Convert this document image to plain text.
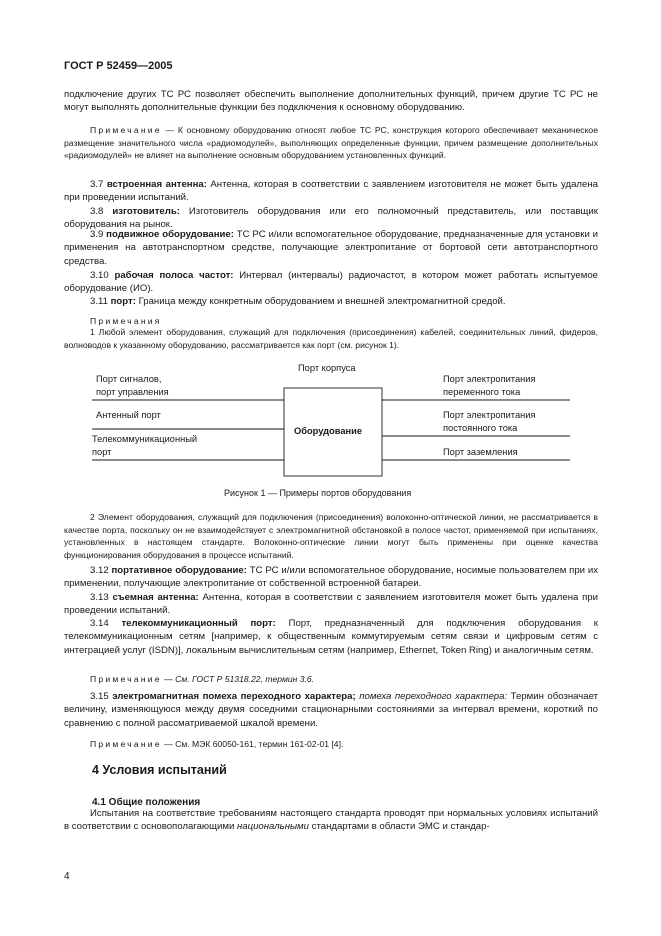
ГОСТ Р 52459—2005
подключение других ТС РС позволяет обеспечить выполнение дополнительных функций, причем другие ТС РС не могут выполнять дополнительные функции без подключения к основному оборудованию.
Примечание — К основному оборудованию относят любое ТС РС, конструкция которого обеспечивает механическое размещение значительного числа «радиомодулей», выполняющих определенные функции, причем размещение дополнительных «радиомодулей» не влияет на выполнение основным оборудованием установленных функций.
3.7 встроенная антенна: Антенна, которая в соответствии с заявлением изготовителя не может быть удалена при проведении испытаний.
3.8 изготовитель: Изготовитель оборудования или его полномочный представитель, или поставщик оборудования на рынок.
3.9 подвижное оборудование: ТС РС и/или вспомогательное оборудование, предназначенные для установки и применения на автотранспортном средстве, получающие электропитание от бортовой сети автотранспортного средства.
3.10 рабочая полоса частот: Интервал (интервалы) радиочастот, в котором может работать испытуемое оборудование (ИО).
3.11 порт: Граница между конкретным оборудованием и внешней электромагнитной средой.
Примечания
1 Любой элемент оборудования, служащий для подключения (присоединения) кабелей, соединительных линий, фидеров, волноводов к указанному оборудованию, рассматривается как порт (см. рисунок 1).
Порт корпуса
Оборудование
Порт сигналов,
порт управления
Антенный порт
Телекоммуникационный
порт
Порт электропитания
переменного тока
Порт электропитания
постоянного тока
Порт заземления
Рисунок 1 — Примеры портов оборудования
2 Элемент оборудования, служащий для подключения (присоединения) волоконно-оптической линии, не рассматривается в качестве порта, поскольку он не взаимодействует с электромагнитной обстановкой в полосе частот, применяемой при испытаниях, установленных в настоящем стандарте. Волоконно-оптические линии могут быть применены при оценке качества функционирования оборудования в процессе испытаний.
3.12 портативное оборудование: ТС РС и/или вспомогательное оборудование, носимые пользователем при их применении, получающие электропитание от собственной встроенной батареи.
3.13 съемная антенна: Антенна, которая в соответствии с заявлением изготовителя может быть удалена при проведении испытаний.
3.14 телекоммуникационный порт: Порт, предназначенный для подключения оборудования к телекоммуникационным сетям [например, к общественным коммутируемым сетям связи и цифровым сетям с интеграцией услуг (ISDN)], локальным вычислительным сетям (например, Ethernet, Token Ring) и аналогичным сетям.
Примечание — См. ГОСТ Р 51318.22, термин 3.6.
3.15 электромагнитная помеха переходного характера; помеха переходного характера: Термин обозначает величину, изменяющуюся между двумя соседними стационарными состояниями за интервал времени, короткий по сравнению с полной рассматриваемой шкалой времени.
Примечание — См. МЭК 60050-161, термин 161-02-01 [4].
4 Условия испытаний
4.1 Общие положения
Испытания на соответствие требованиям настоящего стандарта проводят при нормальных условиях испытаний в соответствии с основополагающими национальными стандартами в области ЭМС и стандар-
4
